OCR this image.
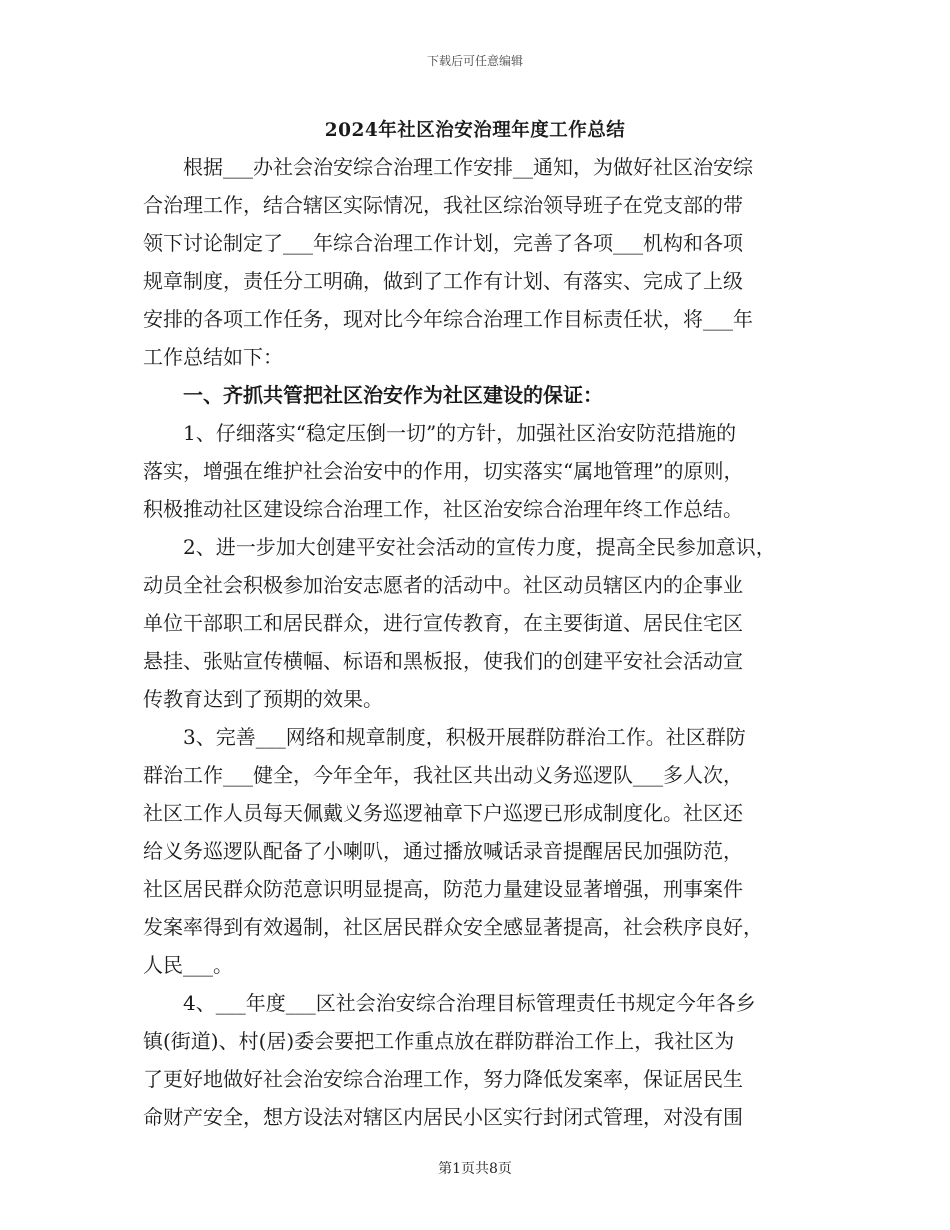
下载后可任意编辑
2024年社区治安治理年度工作总结
　　根据___办社会治安综合治理工作安排__通知，为做好社区治安综
合治理工作，结合辖区实际情况，我社区综治领导班子在党支部的带
领下讨论制定了___年综合治理工作计划，完善了各项___机构和各项
规章制度，责任分工明确，做到了工作有计划、有落实、完成了上级
安排的各项工作任务，现对比今年综合治理工作目标责任状，将___年
工作总结如下：
　　一、齐抓共管把社区治安作为社区建设的保证：
　　1、仔细落实“稳定压倒一切”的方针，加强社区治安防范措施的
落实，增强在维护社会治安中的作用，切实落实“属地管理”的原则，
积极推动社区建设综合治理工作，社区治安综合治理年终工作总结。
　　2、进一步加大创建平安社会活动的宣传力度，提高全民参加意识，
动员全社会积极参加治安志愿者的活动中。社区动员辖区内的企事业
单位干部职工和居民群众，进行宣传教育，在主要街道、居民住宅区
悬挂、张贴宣传横幅、标语和黑板报，使我们的创建平安社会活动宣
传教育达到了预期的效果。
　　3、完善___网络和规章制度，积极开展群防群治工作。社区群防
群治工作___健全，今年全年，我社区共出动义务巡逻队___多人次，
社区工作人员每天佩戴义务巡逻袖章下户巡逻已形成制度化。社区还
给义务巡逻队配备了小喇叭，通过播放喊话录音提醒居民加强防范，
社区居民群众防范意识明显提高，防范力量建设显著增强，刑事案件
发案率得到有效遏制，社区居民群众安全感显著提高，社会秩序良好，
人民___。
　　4、___年度___区社会治安综合治理目标管理责任书规定今年各乡
镇(街道)、村(居)委会要把工作重点放在群防群治工作上，我社区为
了更好地做好社会治安综合治理工作，努力降低发案率，保证居民生
命财产安全，想方设法对辖区内居民小区实行封闭式管理，对没有围
第1页共8页
